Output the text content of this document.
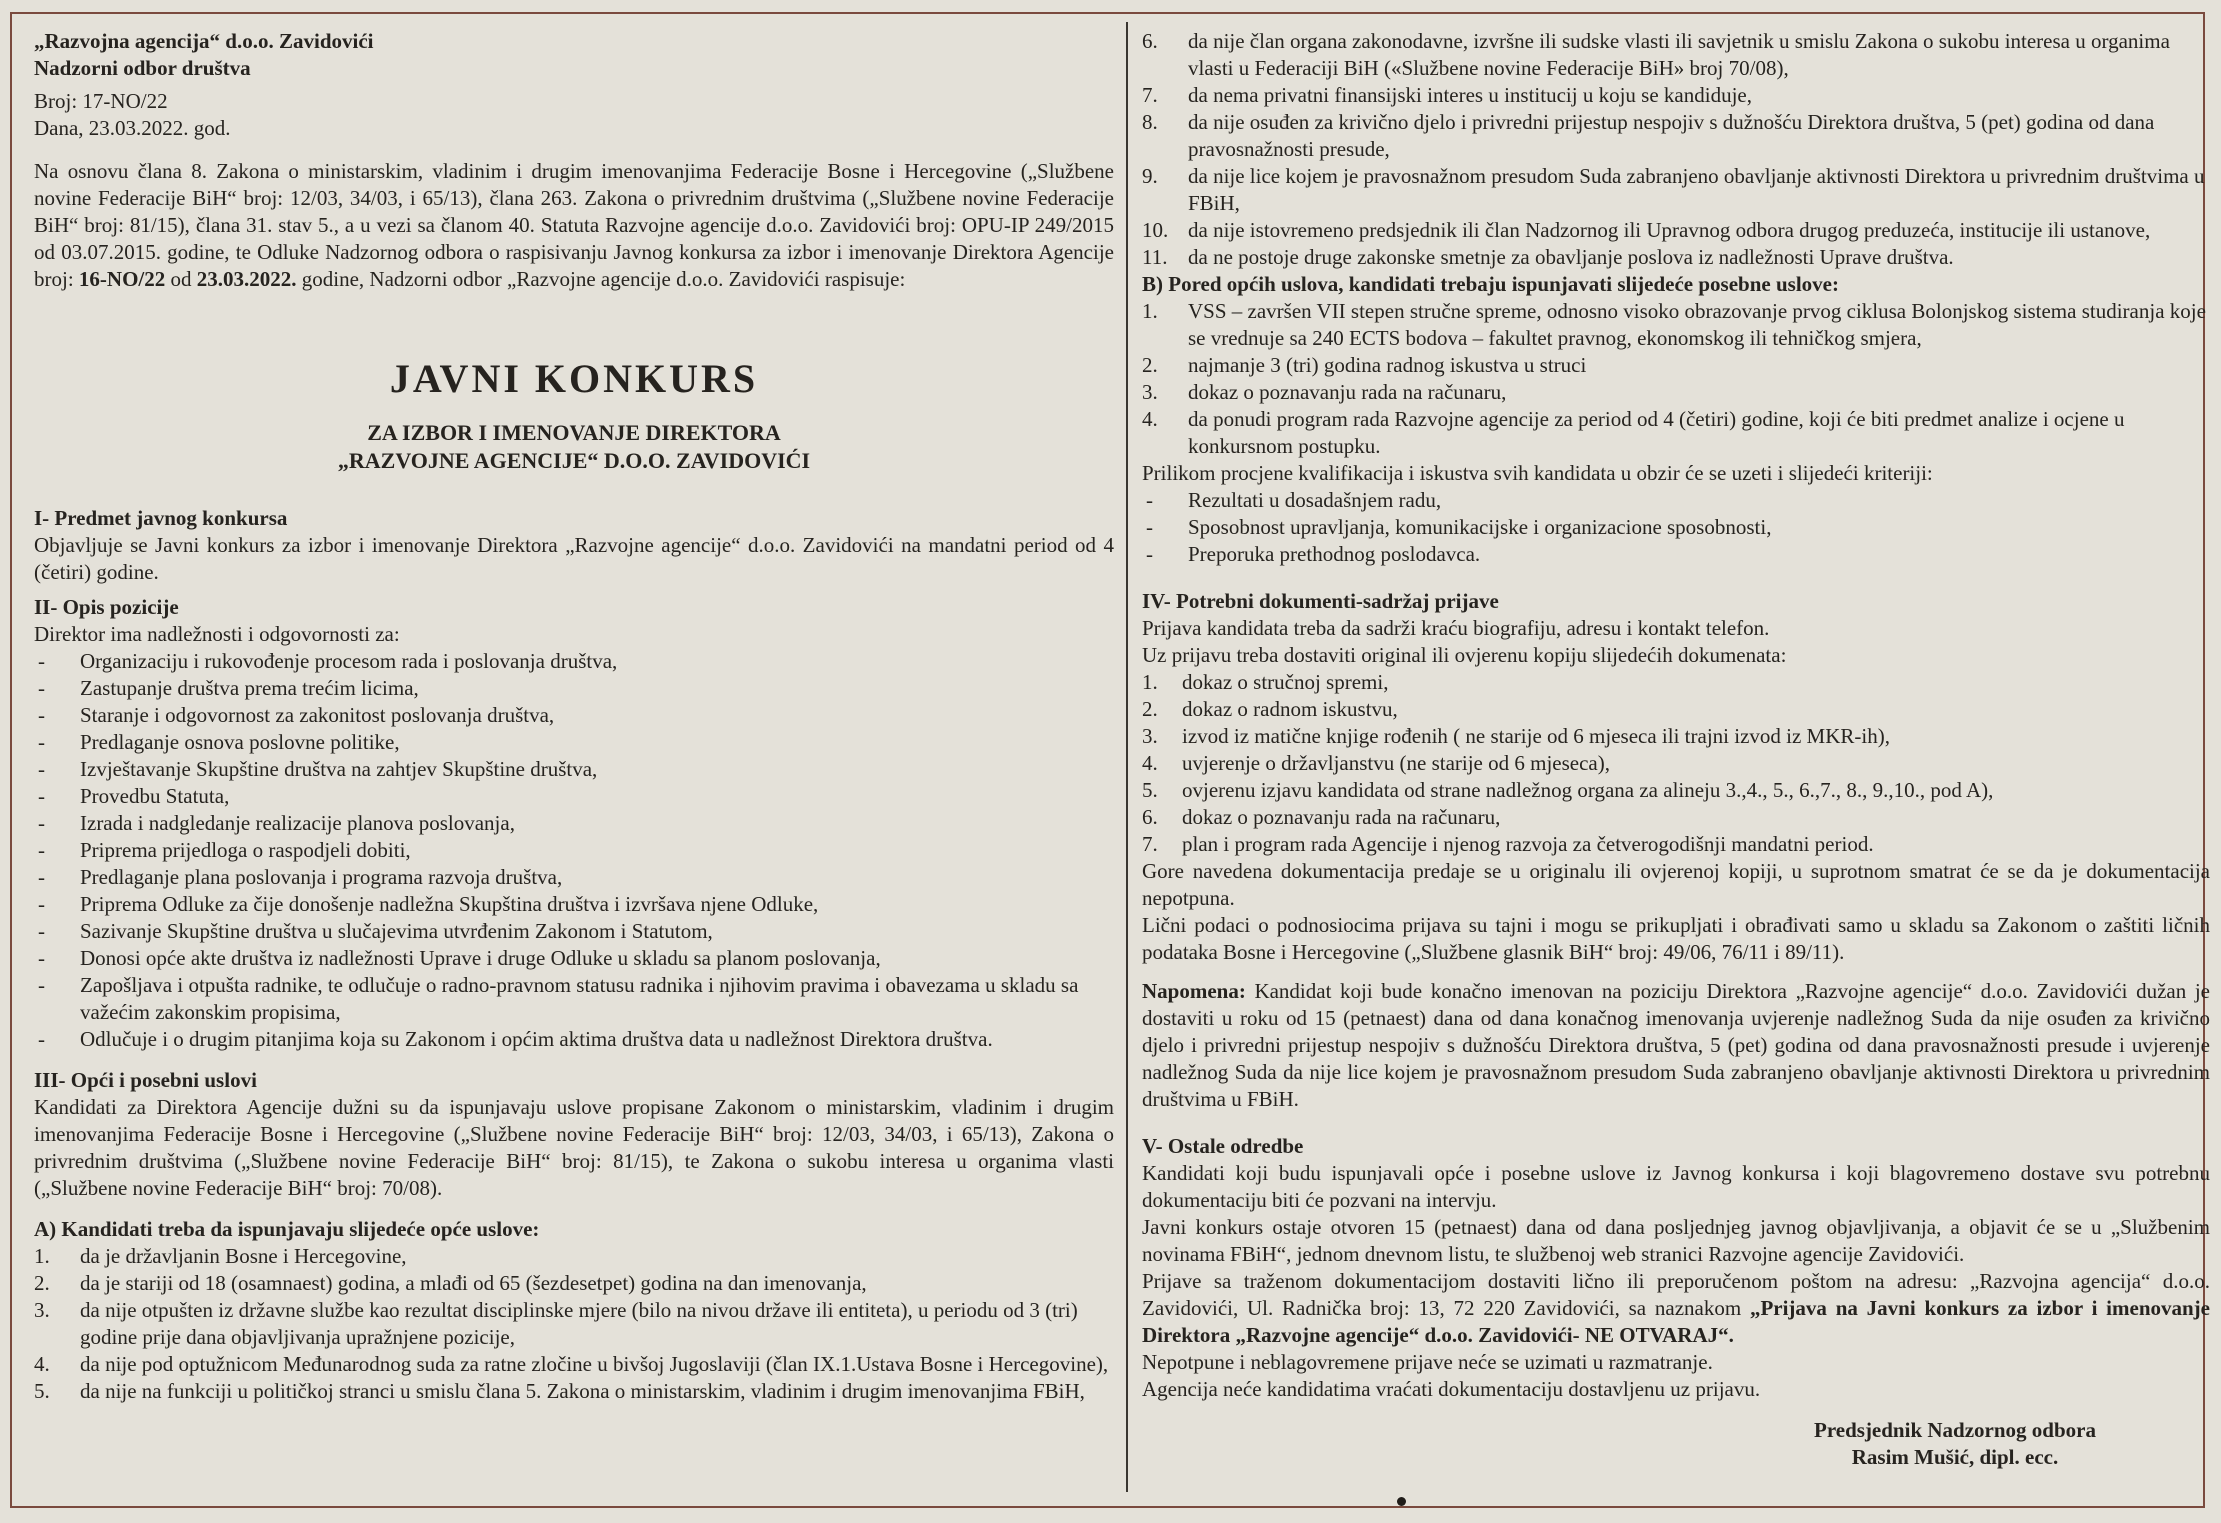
„Razvojna agencija“ d.o.o. Zavidovići

Nadzorni odbor društva

Broj: 17-NO/22

Dana, 23.03.2022. god.

Na osnovu člana 8. Zakona o ministarskim, vladinim i drugim imenovanjima Federacije Bosne i Hercegovine („Službene novine Federacije BiH“ broj: 12/03, 34/03, i 65/13), člana 263. Zakona o privrednim društvima („Službene novine Federacije BiH“ broj: 81/15), člana 31. stav 5., a u vezi sa članom 40. Statuta Razvojne agencije d.o.o. Zavidovići broj: OPU-IP 249/2015 od 03.07.2015. godine, te Odluke Nadzornog odbora o raspisivanju Javnog konkursa za izbor i imenovanje Direktora Agencije broj: 16-NO/22 od 23.03.2022. godine, Nadzorni odbor „Razvojne agencije d.o.o. Zavidovići raspisuje:

JAVNI KONKURS
ZA IZBOR I IMENOVANJE DIREKTORA
„RAZVOJNE AGENCIJE“ D.O.O. ZAVIDOVIĆI

I- Predmet javnog konkursa

Objavljuje se Javni konkurs za izbor i imenovanje Direktora „Razvojne agencije“ d.o.o. Zavidovići na mandatni period od 4 (četiri) godine.

II- Opis pozicije

Direktor ima nadležnosti i odgovornosti za:

-	Organizaciju i rukovođenje procesom rada i poslovanja društva,
-	Zastupanje društva prema trećim licima,
-	Staranje i odgovornost za zakonitost poslovanja društva,
-	Predlaganje osnova poslovne politike,
-	Izvještavanje Skupštine društva na zahtjev Skupštine društva,
-	Provedbu Statuta,
-	Izrada i nadgledanje realizacije planova poslovanja,
-	Priprema prijedloga o raspodjeli dobiti,
-	Predlaganje plana poslovanja i programa razvoja društva,
-	Priprema Odluke za čije donošenje nadležna Skupština društva i izvršava njene Odluke,
-	Sazivanje Skupštine društva u slučajevima utvrđenim Zakonom i Statutom,
-	Donosi opće akte društva iz nadležnosti Uprave i druge Odluke u skladu sa planom poslovanja,
-	Zapošljava i otpušta radnike, te odlučuje o radno-pravnom statusu radnika i njihovim pravima i obavezama u skladu sa važećim zakonskim propisima,
-	Odlučuje i o drugim pitanjima koja su Zakonom i općim aktima društva data u nadležnost Direktora društva.

III- Opći i posebni uslovi

Kandidati za Direktora Agencije dužni su da ispunjavaju uslove propisane Zakonom o ministarskim, vladinim i drugim imenovanjima Federacije Bosne i Hercegovine („Službene novine Federacije BiH“ broj: 12/03, 34/03, i 65/13), Zakona o privrednim društvima („Službene novine Federacije BiH“ broj: 81/15), te Zakona o sukobu interesa u organima vlasti („Službene novine Federacije BiH“ broj: 70/08).

A) Kandidati treba da ispunjavaju slijedeće opće uslove:

1.	da je državljanin Bosne i Hercegovine,
2.	da je stariji od 18 (osamnaest) godina, a mlađi od 65 (šezdesetpet) godina na dan imenovanja,
3.	da nije otpušten iz državne službe kao rezultat disciplinske mjere (bilo na nivou države ili entiteta), u periodu od 3 (tri) godine prije dana objavljivanja upražnjene pozicije,
4.	da nije pod optužnicom Međunarodnog suda za ratne zločine u bivšoj Jugoslaviji (član IX.1.Ustava Bosne i Hercegovine),
5.	da nije na funkciji u političkoj stranci u smislu člana 5. Zakona o ministarskim, vladinim i drugim imenovanjima FBiH,
6.	da nije član organa zakonodavne, izvršne ili sudske vlasti ili savjetnik u smislu Zakona o sukobu interesa u organima vlasti u Federaciji BiH («Službene novine Federacije BiH» broj 70/08),
7.	da nema privatni finansijski interes u institucij u koju se kandiduje,
8.	da nije osuđen za krivično djelo i privredni prijestup nespojiv s dužnošću Direktora društva, 5 (pet) godina od dana pravosnažnosti presude,
9.	da nije lice kojem je pravosnažnom presudom Suda zabranjeno obavljanje aktivnosti Direktora u privrednim društvima u FBiH,
10. da nije istovremeno predsjednik ili član Nadzornog ili Upravnog odbora drugog preduzeća, institucije ili ustanove,
11. da ne postoje druge zakonske smetnje za obavljanje poslova iz nadležnosti Uprave društva.

B) Pored općih uslova, kandidati trebaju ispunjavati slijedeće posebne uslove:

1.	VSS – završen VII stepen stručne spreme, odnosno visoko obrazovanje prvog ciklusa Bolonjskog sistema studiranja koje se vrednuje sa 240 ECTS bodova – fakultet pravnog, ekonomskog ili tehničkog smjera,
2.	najmanje 3 (tri) godina radnog iskustva u struci
3.	dokaz o poznavanju rada na računaru,
4.	da ponudi program rada Razvojne agencije za period od 4 (četiri) godine, koji će biti predmet analize i ocjene u konkursnom postupku.

Prilikom procjene kvalifikacija i iskustva svih kandidata u obzir će se uzeti i slijedeći kriteriji:

-	Rezultati u dosadašnjem radu,
-	Sposobnost upravljanja, komunikacijske i organizacione sposobnosti,
-	Preporuka prethodnog poslodavca.

IV- Potrebni dokumenti-sadržaj prijave

Prijava kandidata treba da sadrži kraću biografiju, adresu i kontakt telefon.

Uz prijavu treba dostaviti original ili ovjerenu kopiju slijedećih dokumenata:

1.	dokaz o stručnoj spremi,
2.	dokaz o radnom iskustvu,
3.	izvod iz matične knjige rođenih ( ne starije od 6 mjeseca ili trajni izvod iz MKR-ih),
4.	uvjerenje o državljanstvu (ne starije od 6 mjeseca),
5.	ovjerenu izjavu kandidata od strane nadležnog organa za alineju 3.,4., 5., 6.,7., 8., 9.,10., pod A),
6.	dokaz o poznavanju rada na računaru,
7.	plan i program rada Agencije i njenog razvoja za četverogodišnji mandatni period.

Gore navedena dokumentacija predaje se u originalu ili ovjerenoj kopiji, u suprotnom smatrat će se da je dokumentacija nepotpuna.

Lični podaci o podnosiocima prijava su tajni i mogu se prikupljati i obrađivati samo u skladu sa Zakonom o zaštiti ličnih podataka Bosne i Hercegovine („Službene glasnik BiH“ broj: 49/06, 76/11 i 89/11).

Napomena: Kandidat koji bude konačno imenovan na poziciju Direktora „Razvojne agencije“ d.o.o. Zavidovići dužan je dostaviti u roku od 15 (petnaest) dana od dana konačnog imenovanja uvjerenje nadležnog Suda da nije osuđen za krivično djelo i privredni prijestup nespojiv s dužnošću Direktora društva, 5 (pet) godina od dana pravosnažnosti presude i uvjerenje nadležnog Suda da nije lice kojem je pravosnažnom presudom Suda zabranjeno obavljanje aktivnosti Direktora u privrednim društvima u FBiH.

V- Ostale odredbe

Kandidati koji budu ispunjavali opće i posebne uslove iz Javnog konkursa i koji blagovremeno dostave svu potrebnu dokumentaciju biti će pozvani na intervju.

Javni konkurs ostaje otvoren 15 (petnaest) dana od dana posljednjeg javnog objavljivanja, a objavit će se u „Službenim novinama FBiH“, jednom dnevnom listu, te službenoj web stranici Razvojne agencije Zavidovići.

Prijave sa traženom dokumentacijom dostaviti lično ili preporučenom poštom na adresu: „Razvojna agencija“ d.o.o. Zavidovići, Ul. Radnička broj: 13, 72 220 Zavidovići, sa naznakom „Prijava na Javni konkurs za izbor i imenovanje Direktora „Razvojne agencije“ d.o.o. Zavidovići- NE OTVARAJ“.

Nepotpune i neblagovremene prijave neće se uzimati u razmatranje.

Agencija neće kandidatima vraćati dokumentaciju dostavljenu uz prijavu.

Predsjednik Nadzornog odbora

Rasim Mušić, dipl. ecc.
